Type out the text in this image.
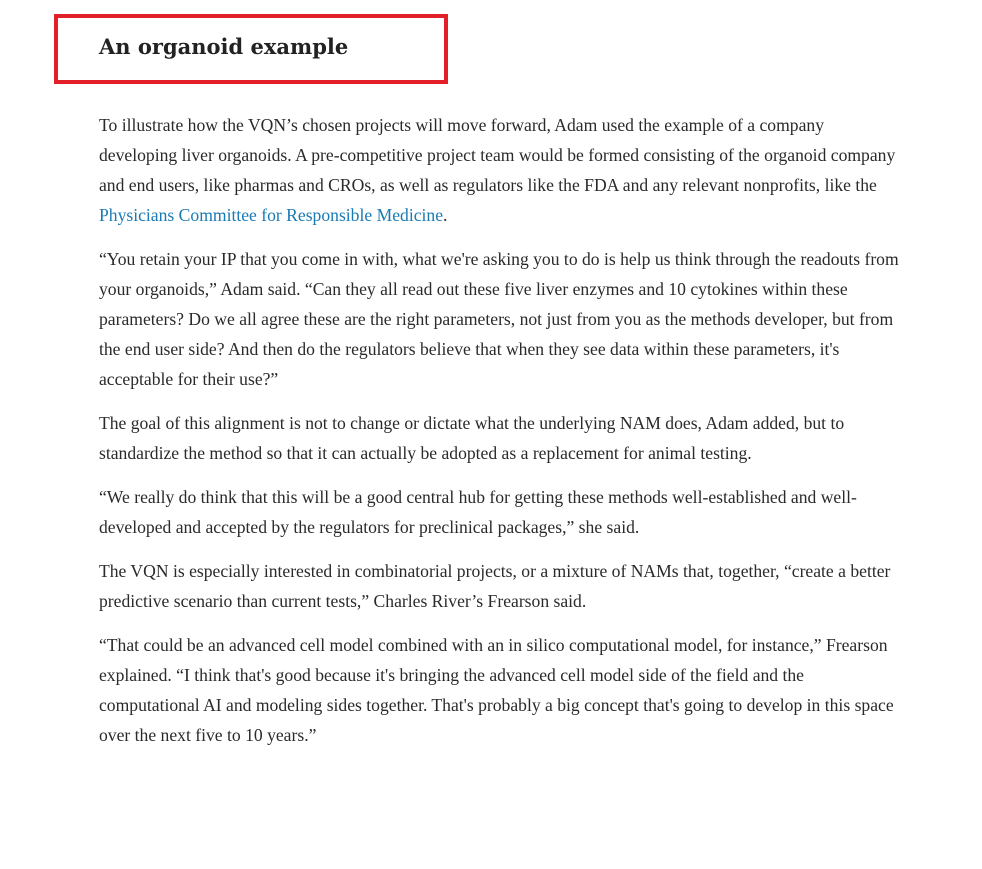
An organoid example

To illustrate how the VQN’s chosen projects will move forward, Adam used the example of a company developing liver organoids. A pre-competitive project team would be formed consisting of the organoid company and end users, like pharmas and CROs, as well as regulators like the FDA and any relevant nonprofits, like the Physicians Committee for Responsible Medicine.

“You retain your IP that you come in with, what we're asking you to do is help us think through the readouts from your organoids,” Adam said. “Can they all read out these five liver enzymes and 10 cytokines within these parameters? Do we all agree these are the right parameters, not just from you as the methods developer, but from the end user side? And then do the regulators believe that when they see data within these parameters, it's acceptable for their use?”

The goal of this alignment is not to change or dictate what the underlying NAM does, Adam added, but to standardize the method so that it can actually be adopted as a replacement for animal testing.

“We really do think that this will be a good central hub for getting these methods well-established and well-developed and accepted by the regulators for preclinical packages,” she said.

The VQN is especially interested in combinatorial projects, or a mixture of NAMs that, together, “create a better predictive scenario than current tests,” Charles River’s Frearson said.

“That could be an advanced cell model combined with an in silico computational model, for instance,” Frearson explained. “I think that's good because it's bringing the advanced cell model side of the field and the computational AI and modeling sides together. That's probably a big concept that's going to develop in this space over the next five to 10 years.”
